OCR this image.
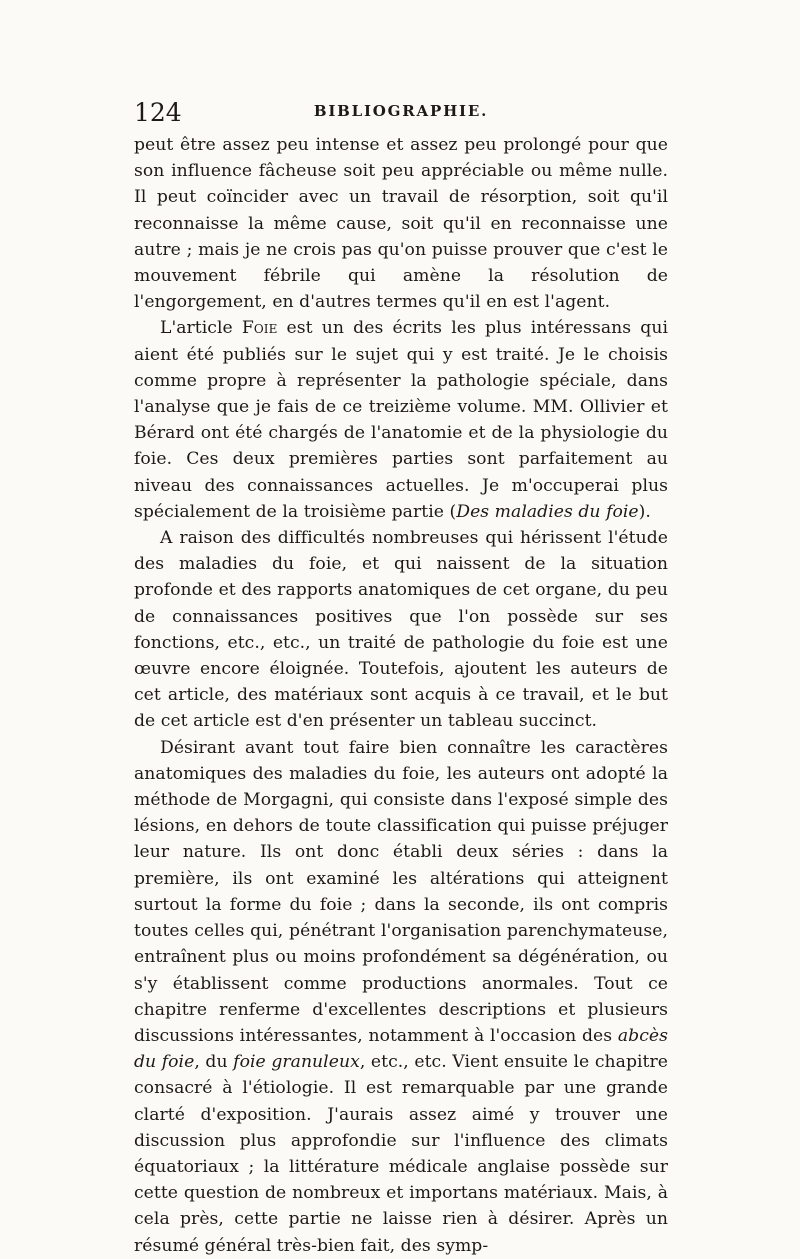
124	BIBLIOGRAPHIE.

peut être assez peu intense et assez peu prolongé pour que son influence fâcheuse soit peu appréciable ou même nulle. Il peut coïncider avec un travail de résorption, soit qu'il reconnaisse la même cause, soit qu'il en reconnaisse une autre ; mais je ne crois pas qu'on puisse prouver que c'est le mouvement fébrile qui amène la résolution de l'engorgement, en d'autres termes qu'il en est l'agent.

L'article Foie est un des écrits les plus intéressans qui aient été publiés sur le sujet qui y est traité. Je le choisis comme propre à représenter la pathologie spéciale, dans l'analyse que je fais de ce treizième volume. MM. Ollivier et Bérard ont été chargés de l'anatomie et de la physiologie du foie. Ces deux premières parties sont parfaitement au niveau des connaissances actuelles. Je m'occuperai plus spécialement de la troisième partie (Des maladies du foie).

A raison des difficultés nombreuses qui hérissent l'étude des maladies du foie, et qui naissent de la situation profonde et des rapports anatomiques de cet organe, du peu de connaissances positives que l'on possède sur ses fonctions, etc., etc., un traité de pathologie du foie est une œuvre encore éloignée. Toutefois, ajoutent les auteurs de cet article, des matériaux sont acquis à ce travail, et le but de cet article est d'en présenter un tableau succinct.

Désirant avant tout faire bien connaître les caractères anatomiques des maladies du foie, les auteurs ont adopté la méthode de Morgagni, qui consiste dans l'exposé simple des lésions, en dehors de toute classification qui puisse préjuger leur nature. Ils ont donc établi deux séries : dans la première, ils ont examiné les altérations qui atteignent surtout la forme du foie ; dans la seconde, ils ont compris toutes celles qui, pénétrant l'organisation parenchymateuse, entraînent plus ou moins profondément sa dégénération, ou s'y établissent comme productions anormales. Tout ce chapitre renferme d'excellentes descriptions et plusieurs discussions intéressantes, notamment à l'occasion des abcès du foie, du foie granuleux, etc., etc. Vient ensuite le chapitre consacré à l'étiologie. Il est remarquable par une grande clarté d'exposition. J'aurais assez aimé y trouver une discussion plus approfondie sur l'influence des climats équatoriaux ; la littérature médicale anglaise possède sur cette question de nombreux et importans matériaux. Mais, à cela près, cette partie ne laisse rien à désirer. Après un résumé général très-bien fait, des symp-
